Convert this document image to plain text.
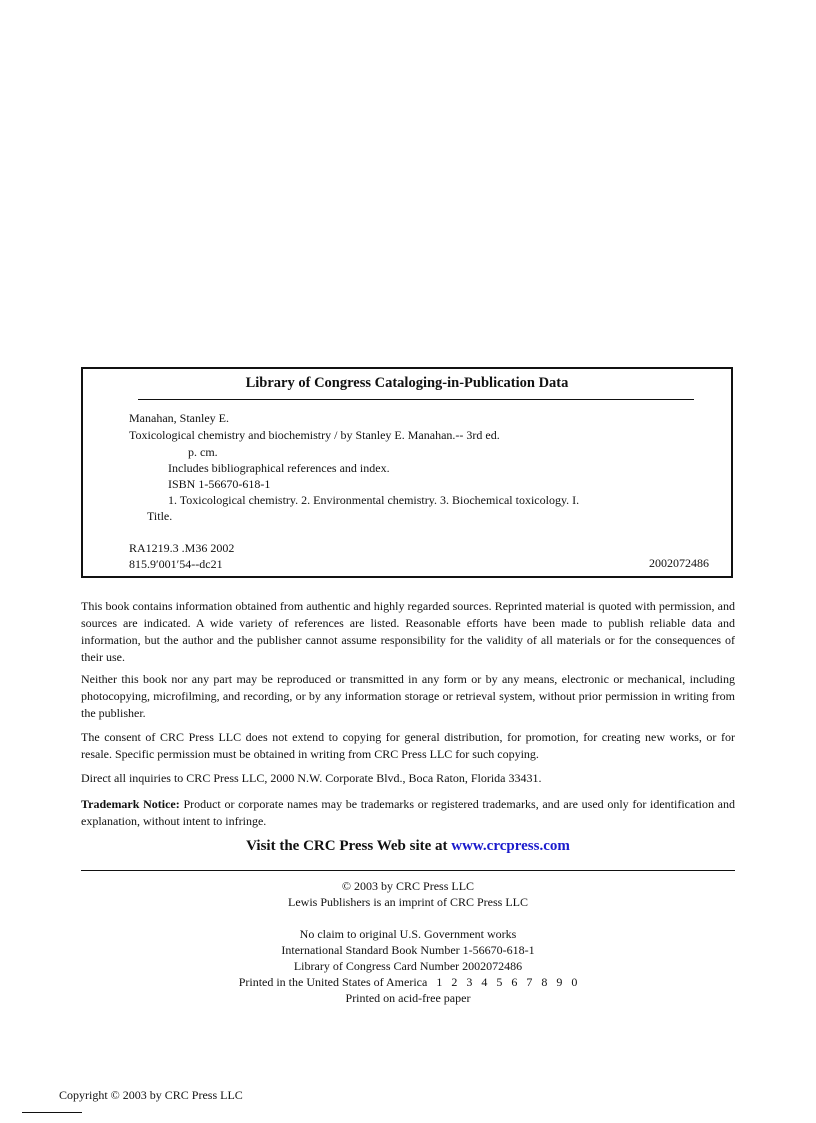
Library of Congress Cataloging-in-Publication Data
Manahan, Stanley E.
Toxicological chemistry and biochemistry / by Stanley E. Manahan.-- 3rd ed.
p. cm.
Includes bibliographical references and index.
ISBN 1-56670-618-1
1. Toxicological chemistry. 2. Environmental chemistry. 3. Biochemical toxicology. I.
Title.
RA1219.3 .M36 2002
815.9′001′54--dc21	2002072486

This book contains information obtained from authentic and highly regarded sources. Reprinted material is quoted with permission, and sources are indicated. A wide variety of references are listed. Reasonable efforts have been made to publish reliable data and information, but the author and the publisher cannot assume responsibility for the validity of all materials or for the consequences of their use.

Neither this book nor any part may be reproduced or transmitted in any form or by any means, electronic or mechanical, including photocopying, microfilming, and recording, or by any information storage or retrieval system, without prior permission in writing from the publisher.

The consent of CRC Press LLC does not extend to copying for general distribution, for promotion, for creating new works, or for resale. Specific permission must be obtained in writing from CRC Press LLC for such copying.

Direct all inquiries to CRC Press LLC, 2000 N.W. Corporate Blvd., Boca Raton, Florida 33431.

Trademark Notice: Product or corporate names may be trademarks or registered trademarks, and are used only for identification and explanation, without intent to infringe.

Visit the CRC Press Web site at www.crcpress.com
© 2003 by CRC Press LLC
Lewis Publishers is an imprint of CRC Press LLC
No claim to original U.S. Government works
International Standard Book Number 1-56670-618-1
Library of Congress Card Number 2002072486
Printed in the United States of America   1   2   3   4   5   6   7   8   9   0
Printed on acid-free paper
Copyright © 2003 by CRC Press LLC
